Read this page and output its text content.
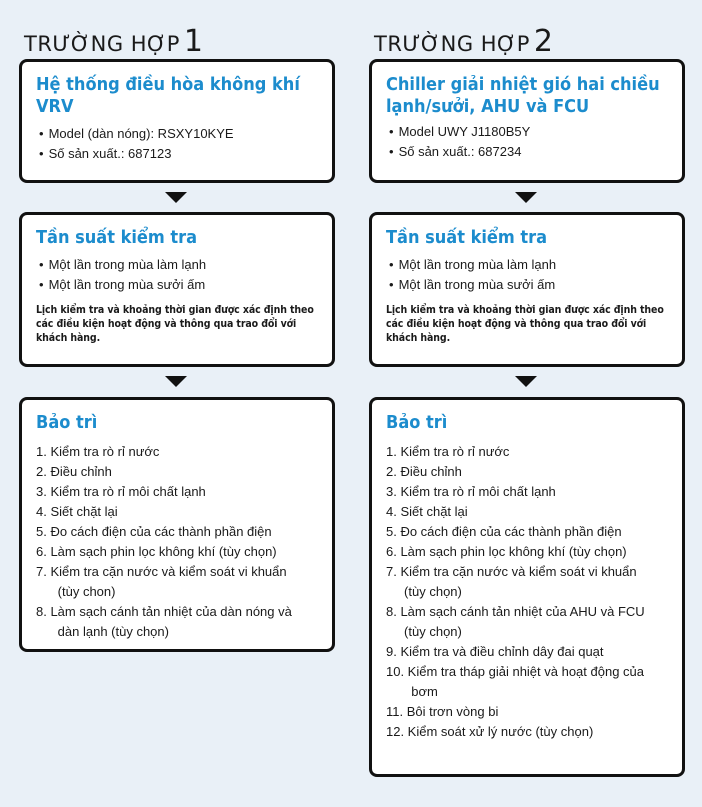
TRƯỜNG HỢP 1
Hệ thống điều hòa không khí VRV
• Model (dàn nóng): RSXY10KYE
• Số sản xuất.: 687123
Tần suất kiểm tra
• Một lần trong mùa làm lạnh
• Một lần trong mùa sưởi ấm
Lịch kiểm tra và khoảng thời gian được xác định theo các điều kiện hoạt động và thông qua trao đổi với khách hàng.
Bảo trì
1. Kiểm tra rò rỉ nước
2. Điều chỉnh
3. Kiểm tra rò rỉ môi chất lạnh
4. Siết chặt lại
5. Đo cách điện của các thành phần điện
6. Làm sạch phin lọc không khí (tùy chọn)
7. Kiểm tra cặn nước và kiểm soát vi khuẩn
(tùy chon)
8. Làm sạch cánh tản nhiệt của dàn nóng và
dàn lạnh (tùy chọn)
TRƯỜNG HỢP 2
Chiller giải nhiệt gió hai chiều lạnh/sưởi, AHU và FCU
• Model UWY J1180B5Y
• Số sản xuất.: 687234
Tần suất kiểm tra
• Một lần trong mùa làm lạnh
• Một lần trong mùa sưởi ấm
Lịch kiểm tra và khoảng thời gian được xác định theo các điều kiện hoạt động và thông qua trao đổi với khách hàng.
Bảo trì
1. Kiểm tra rò rỉ nước
2. Điều chỉnh
3. Kiểm tra rò rỉ môi chất lạnh
4. Siết chặt lại
5. Đo cách điện của các thành phần điện
6. Làm sạch phin lọc không khí (tùy chọn)
7. Kiểm tra cặn nước và kiểm soát vi khuẩn
(tùy chọn)
8. Làm sạch cánh tản nhiệt của AHU và FCU
(tùy chọn)
9. Kiểm tra và điều chỉnh dây đai quạt
10. Kiểm tra tháp giải nhiệt và hoạt động của
bơm
11. Bôi trơn vòng bi
12. Kiểm soát xử lý nước (tùy chọn)
